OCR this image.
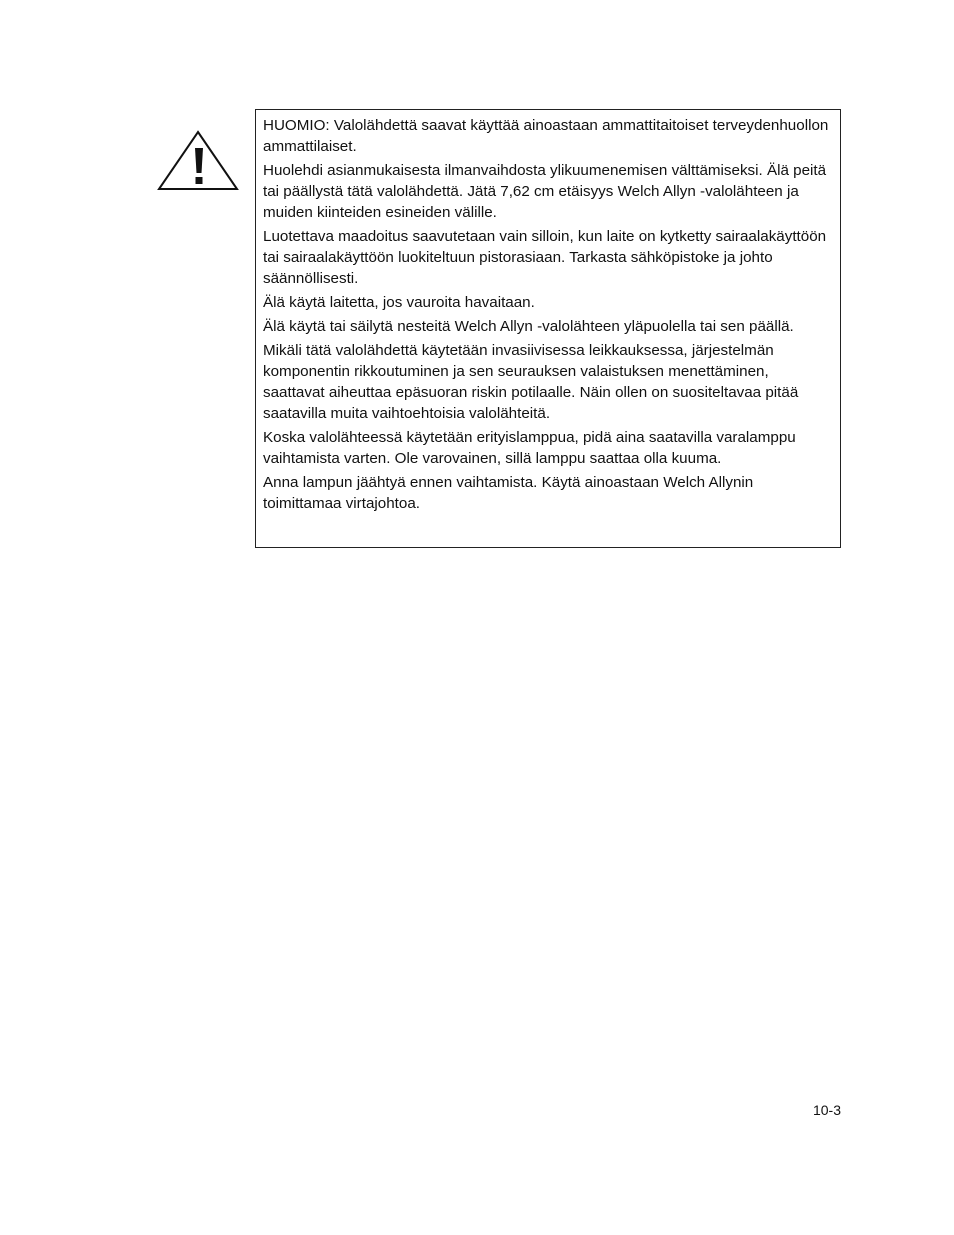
HUOMIO: Valolähdettä saavat käyttää ainoastaan ammattitaitoiset terveydenhuollon ammattilaiset.

Huolehdi asianmukaisesta ilmanvaihdosta ylikuumenemisen välttämiseksi. Älä peitä tai päällystä tätä valolähdettä. Jätä 7,62 cm etäisyys Welch Allyn -valolähteen ja muiden kiinteiden esineiden välille.

Luotettava maadoitus saavutetaan vain silloin, kun laite on kytketty sairaalakäyttöön tai sairaalakäyttöön luokiteltuun pistorasiaan. Tarkasta sähköpistoke ja johto säännöllisesti.

Älä käytä laitetta, jos vauroita havaitaan.

Älä käytä tai säilytä nesteitä Welch Allyn -valolähteen yläpuolella tai sen päällä.

Mikäli tätä valolähdettä käytetään invasiivisessa leikkauksessa, järjestelmän komponentin rikkoutuminen ja sen seurauksen valaistuksen menettäminen, saattavat aiheuttaa epäsuoran riskin potilaalle. Näin ollen on suositeltavaa pitää saatavilla muita vaihtoehtoisia valolähteitä.

Koska valolähteessä käytetään erityislamppua, pidä aina saatavilla varalamppu vaihtamista varten. Ole varovainen, sillä lamppu saattaa olla kuuma.

Anna lampun jäähtyä ennen vaihtamista. Käytä ainoastaan Welch Allynin toimittamaa virtajohtoa.

10-3
